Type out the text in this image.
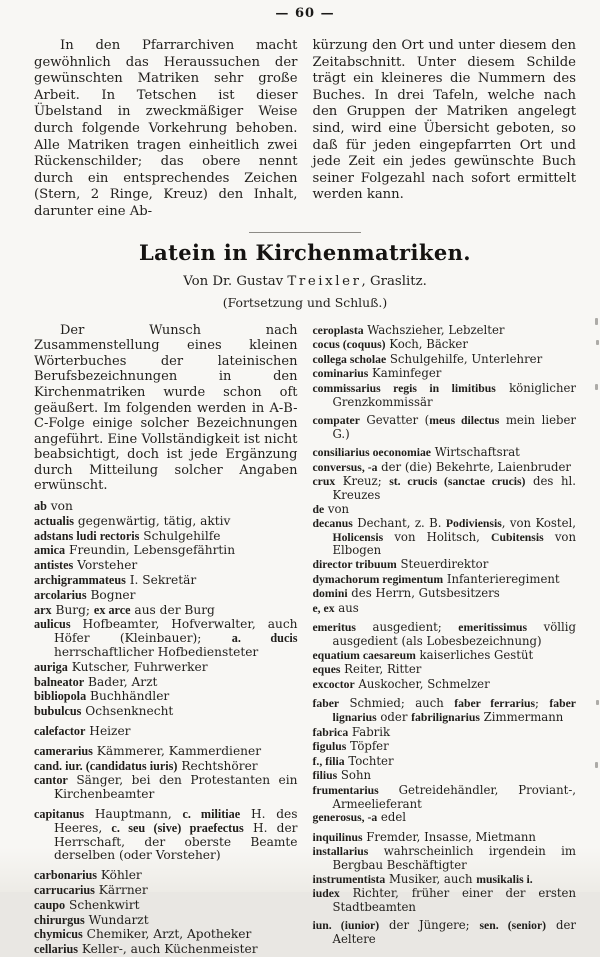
— 60 —

In den Pfarrarchiven macht gewöhnlich das Heraussuchen der gewünschten Matriken sehr große Arbeit. In Tetschen ist dieser Übelstand in zweckmäßiger Weise durch folgende Vorkehrung behoben. Alle Matriken tragen einheitlich zwei Rückenschilder; das obere nennt durch ein entsprechendes Zeichen (Stern, 2 Ringe, Kreuz) den Inhalt, darunter eine Ab-

kürzung den Ort und unter diesem den Zeitabschnitt. Unter diesem Schilde trägt ein kleineres die Nummern des Buches. In drei Tafeln, welche nach den Gruppen der Matriken angelegt sind, wird eine Übersicht geboten, so daß für jeden eingepfarrten Ort und jede Zeit ein jedes gewünschte Buch seiner Folgezahl nach sofort ermittelt werden kann.

Latein in Kirchenmatriken.
Von Dr. Gustav Treixler, Graslitz.
(Fortsetzung und Schluß.)

Der Wunsch nach Zusammenstellung eines kleinen Wörterbuches der lateinischen Berufsbezeichnungen in den Kirchenmatriken wurde schon oft geäußert. Im folgenden werden in A-B-C-Folge einige solcher Bezeichnungen angeführt. Eine Vollständigkeit ist nicht beabsichtigt, doch ist jede Ergänzung durch Mitteilung solcher Angaben erwünscht.

ab von
actualis gegenwärtig, tätig, aktiv
adstans ludi rectoris Schulgehilfe
amica Freundin, Lebensgefährtin
antistes Vorsteher
archigrammateus I. Sekretär
arcolarius Bogner
arx Burg; ex arce aus der Burg
aulicus Hofbeamter, Hofverwalter, auch Höfer (Kleinbauer); a. ducis herrschaftlicher Hofbediensteter
auriga Kutscher, Fuhrwerker
balneator Bader, Arzt
bibliopola Buchhändler
bubulcus Ochsenknecht
calefactor Heizer
camerarius Kämmerer, Kammerdiener
cand. iur. (candidatus iuris) Rechtshörer
cantor Sänger, bei den Protestanten ein Kirchenbeamter
capitanus Hauptmann, c. militiae H. des Heeres, c. seu (sive) praefectus H. der Herrschaft, der oberste Beamte derselben (oder Vorsteher)
carbonarius Köhler
carrucarius Kärrner
caupo Schenkwirt
chirurgus Wundarzt
chymicus Chemiker, Arzt, Apotheker
cellarius Keller-, auch Küchenmeister
ceroplasta Wachszieher, Lebzelter
cocus (coquus) Koch, Bäcker
collega scholae Schulgehilfe, Unterlehrer
cominarius Kaminfeger
commissarius regis in limitibus königlicher Grenzkommissär
compater Gevatter (meus dilectus mein lieber G.)
consiliarius oeconomiae Wirtschaftsrat
conversus, -a der (die) Bekehrte, Laienbruder
crux Kreuz; st. crucis (sanctae crucis) des hl. Kreuzes
de von
decanus Dechant, z. B. Podiviensis, von Kostel, Holicensis von Holitsch, Cubitensis von Elbogen
director tribuum Steuerdirektor
dymachorum regimentum Infanterieregiment
domini des Herrn, Gutsbesitzers
e, ex aus
emeritus ausgedient; emeritissimus völlig ausgedient (als Lobesbezeichnung)
equatium caesareum kaiserliches Gestüt
eques Reiter, Ritter
excoctor Auskocher, Schmelzer
faber Schmied; auch faber ferrarius; faber lignarius oder fabrilignarius Zimmermann
fabrica Fabrik
figulus Töpfer
f., filia Tochter
filius Sohn
frumentarius Getreidehändler, Proviant-, Armeelieferant
generosus, -a edel
inquilinus Fremder, Insasse, Mietmann
installarius wahrscheinlich irgendein im Bergbau Beschäftigter
instrumentista Musiker, auch musikalis i.
iudex Richter, früher einer der ersten Stadtbeamten
iun. (iunior) der Jüngere; sen. (senior) der Aeltere
